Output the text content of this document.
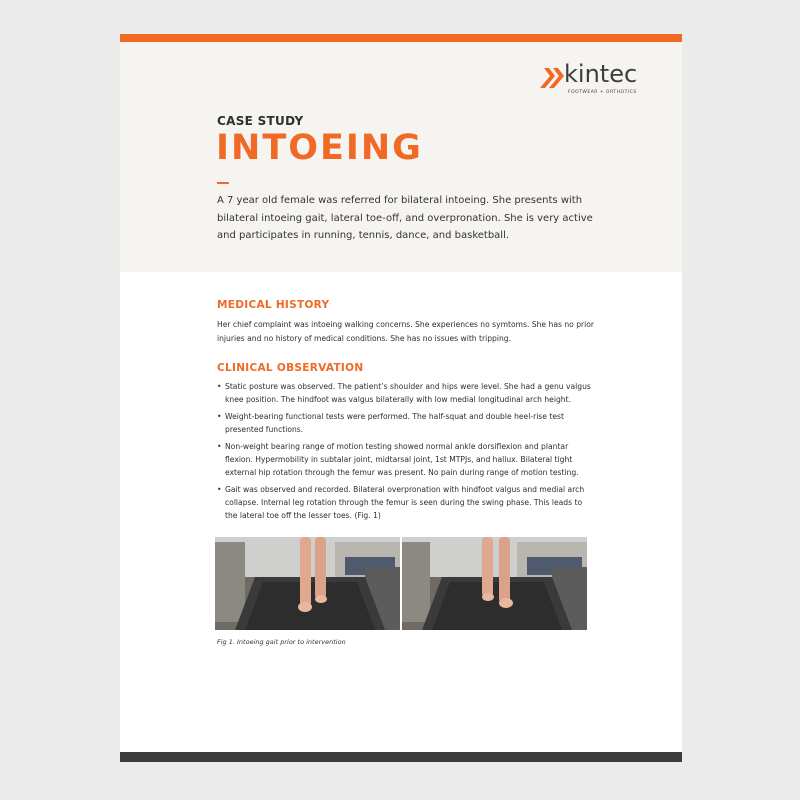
kintec
FOOTWEAR + ORTHOTICS
CASE STUDY
INTOEING
A 7 year old female was referred for bilateral intoeing. She presents with bilateral intoeing gait, lateral toe-off, and overpronation. She is very active and participates in running, tennis, dance, and basketball.
MEDICAL HISTORY
Her chief complaint was intoeing walking concerns. She experiences no symtoms. She has no prior injuries and no history of medical conditions. She has no issues with tripping.
CLINICAL OBSERVATION
• Static posture was observed. The patient’s shoulder and hips were level. She had a genu valgus knee position. The hindfoot was valgus bilaterally with low medial longitudinal arch height.
• Weight-bearing functional tests were performed. The half-squat and double heel-rise test presented functions.
• Non-weight bearing range of motion testing showed normal ankle dorsiflexion and plantar flexion. Hypermobility in subtalar joint, midtarsal joint, 1st MTPJs, and hallux. Bilateral tight external hip rotation through the femur was present. No pain during range of motion testing.
• Gait was observed and recorded. Bilateral overpronation with hindfoot valgus and medial arch collapse. Internal leg rotation through the femur is seen during the swing phase. This leads to the lateral toe off the lesser toes. (Fig. 1)
Fig 1. Intoeing gait prior to intervention
